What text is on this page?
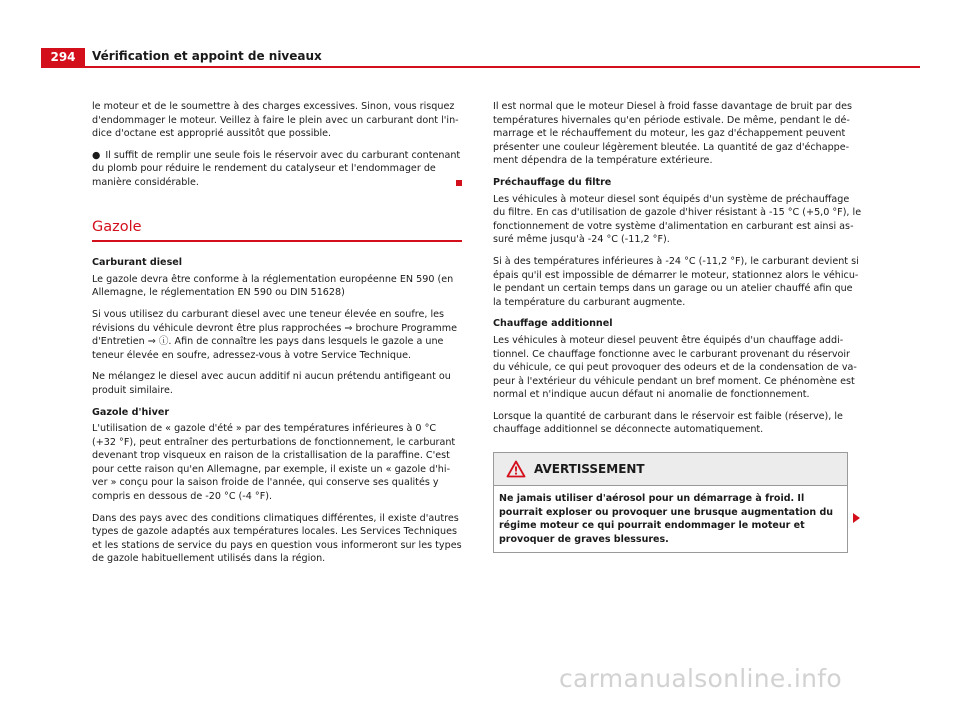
294	Vérification et appoint de niveaux

le moteur et de le soumettre à des charges excessives. Sinon, vous risquez d'endommager le moteur. Veillez à faire le plein avec un carburant dont l'indice d'octane est approprié aussitôt que possible.

● Il suffit de remplir une seule fois le réservoir avec du carburant contenant du plomb pour réduire le rendement du catalyseur et l'endommager de manière considérable.

Gazole
Carburant diesel

Le gazole devra être conforme à la réglementation européenne EN 590 (en Allemagne, le réglementation EN 590 ou DIN 51628)

Si vous utilisez du carburant diesel avec une teneur élevée en soufre, les révisions du véhicule devront être plus rapprochées ⇒ brochure Programme d'Entretien ⇒ ⓘ. Afin de connaître les pays dans lesquels le gazole a une teneur élevée en soufre, adressez-vous à votre Service Technique.

Ne mélangez le diesel avec aucun additif ni aucun prétendu antifigeant ou produit similaire.

Gazole d'hiver

L'utilisation de « gazole d'été » par des températures inférieures à 0 °C (+32 °F), peut entraîner des perturbations de fonctionnement, le carburant devenant trop visqueux en raison de la cristallisation de la paraffine. C'est pour cette raison qu'en Allemagne, par exemple, il existe un « gazole d'hiver » conçu pour la saison froide de l'année, qui conserve ses qualités y compris en dessous de -20 °C (-4 °F).

Dans des pays avec des conditions climatiques différentes, il existe d'autres types de gazole adaptés aux températures locales. Les Services Techniques et les stations de service du pays en question vous informeront sur les types de gazole habituellement utilisés dans la région.

Il est normal que le moteur Diesel à froid fasse davantage de bruit par des températures hivernales qu'en période estivale. De même, pendant le démarrage et le réchauffement du moteur, les gaz d'échappement peuvent présenter une couleur légèrement bleutée. La quantité de gaz d'échappement dépendra de la température extérieure.

Préchauffage du filtre

Les véhicules à moteur diesel sont équipés d'un système de préchauffage du filtre. En cas d'utilisation de gazole d'hiver résistant à -15 °C (+5,0 °F), le fonctionnement de votre système d'alimentation en carburant est ainsi assuré même jusqu'à -24 °C (-11,2 °F).

Si à des températures inférieures à -24 °C (-11,2 °F), le carburant devient si épais qu'il est impossible de démarrer le moteur, stationnez alors le véhicule pendant un certain temps dans un garage ou un atelier chauffé afin que la température du carburant augmente.

Chauffage additionnel

Les véhicules à moteur diesel peuvent être équipés d'un chauffage additionnel. Ce chauffage fonctionne avec le carburant provenant du réservoir du véhicule, ce qui peut provoquer des odeurs et de la condensation de vapeur à l'extérieur du véhicule pendant un bref moment. Ce phénomène est normal et n'indique aucun défaut ni anomalie de fonctionnement.

Lorsque la quantité de carburant dans le réservoir est faible (réserve), le chauffage additionnel se déconnecte automatiquement.

! AVERTISSEMENT
Ne jamais utiliser d'aérosol pour un démarrage à froid. Il pourrait exploser ou provoquer une brusque augmentation du régime moteur ce qui pourrait endommager le moteur et provoquer de graves blessures.
carmanualsonline.info
